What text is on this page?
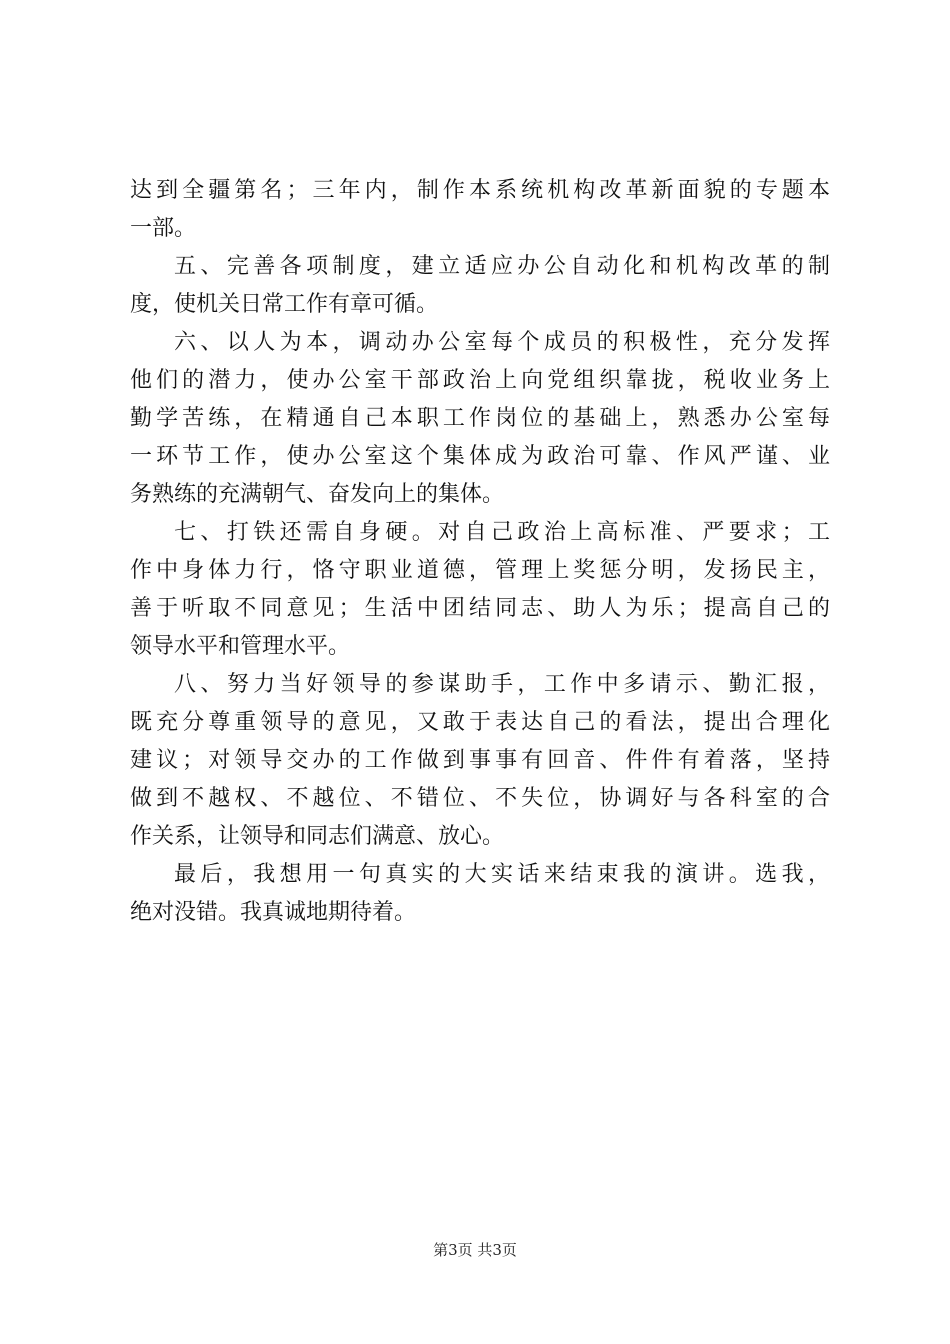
达到全疆第名；三年内，制作本系统机构改革新面貌的专题本
一部。
五、完善各项制度，建立适应办公自动化和机构改革的制
度，使机关日常工作有章可循。
六、以人为本，调动办公室每个成员的积极性，充分发挥
他们的潜力，使办公室干部政治上向党组织靠拢，税收业务上
勤学苦练，在精通自己本职工作岗位的基础上，熟悉办公室每
一环节工作，使办公室这个集体成为政治可靠、作风严谨、业
务熟练的充满朝气、奋发向上的集体。
七、打铁还需自身硬。对自己政治上高标准、严要求；工
作中身体力行，恪守职业道德，管理上奖惩分明，发扬民主，
善于听取不同意见；生活中团结同志、助人为乐；提高自己的
领导水平和管理水平。
八、努力当好领导的参谋助手，工作中多请示、勤汇报，
既充分尊重领导的意见，又敢于表达自己的看法，提出合理化
建议；对领导交办的工作做到事事有回音、件件有着落，坚持
做到不越权、不越位、不错位、不失位，协调好与各科室的合
作关系，让领导和同志们满意、放心。
最后，我想用一句真实的大实话来结束我的演讲。选我，
绝对没错。我真诚地期待着。
第3页 共3页
